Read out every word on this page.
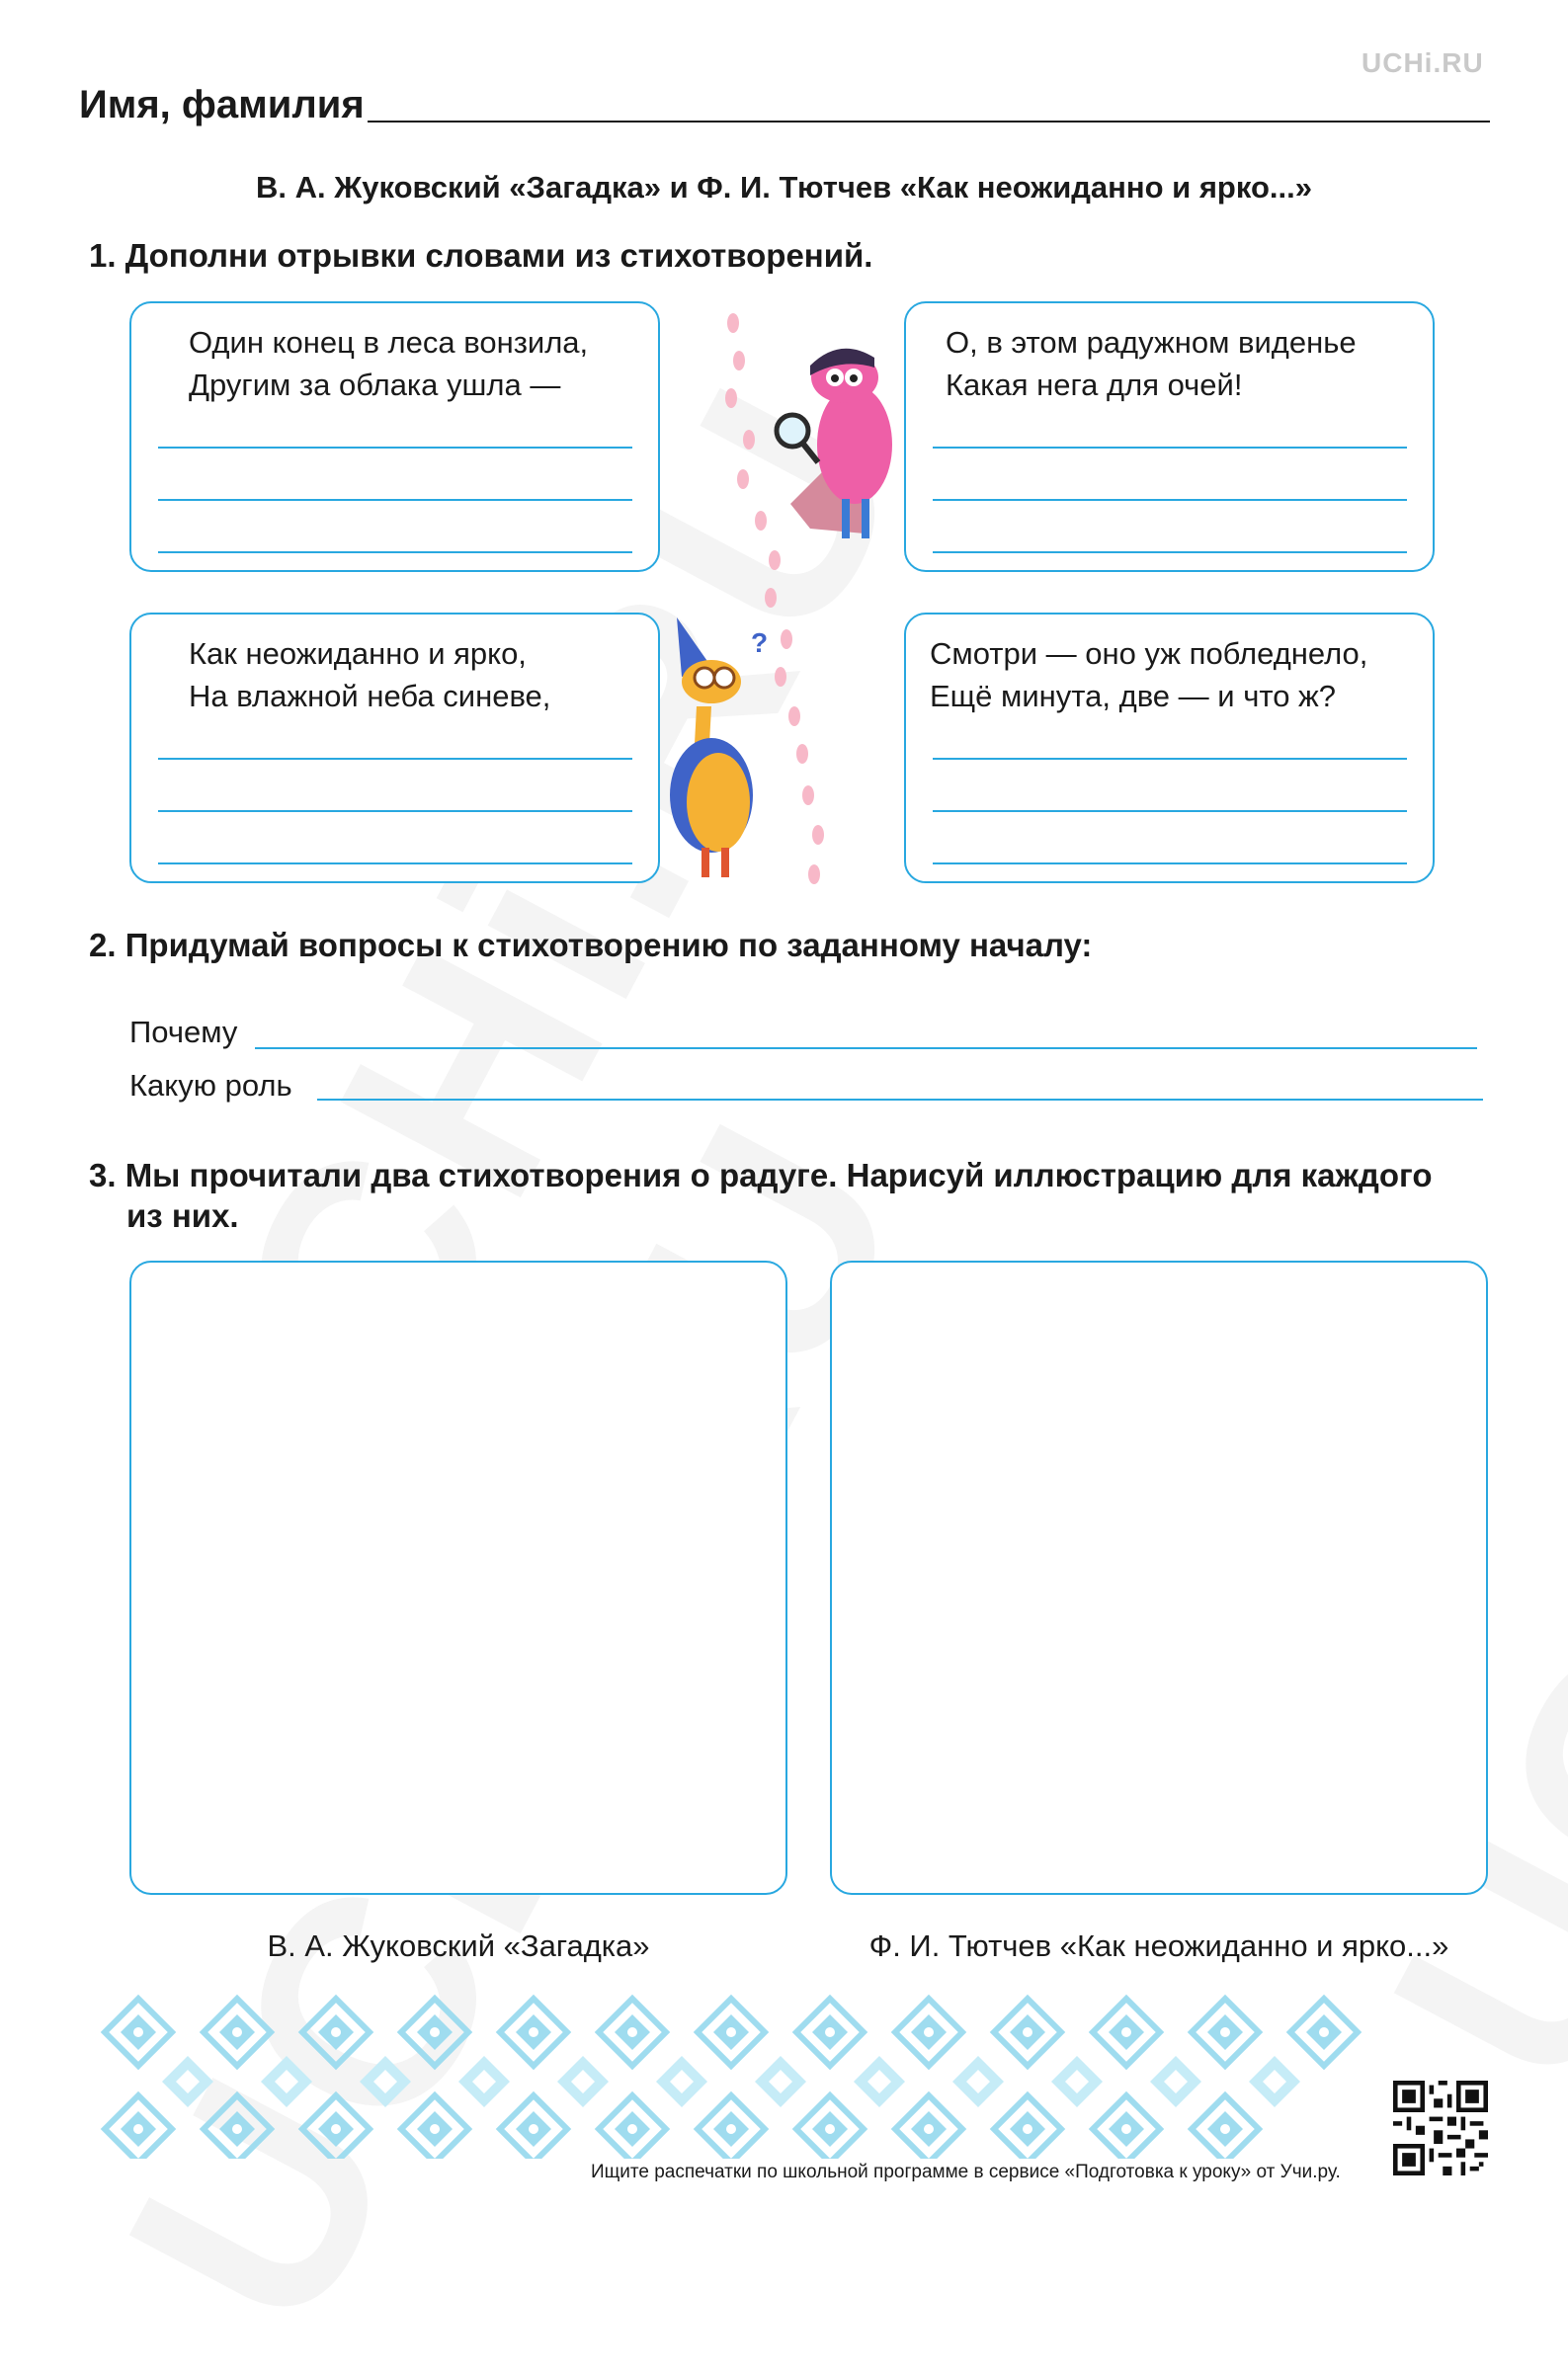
UCHi.RU
Имя, фамилия
В. А. Жуковский «Загадка» и Ф. И. Тютчев «Как неожиданно и ярко...»
1. Дополни отрывки словами из стихотворений.
Один конец в леса вонзила,
Другим за облака ушла —
О, в этом радужном виденье
Какая нега для очей!
Как неожиданно и ярко,
На влажной неба синеве,
Смотри — оно уж побледнело,
Ещё минута, две — и что ж?
?
2. Придумай вопросы к стихотворению по заданному началу:
Почему
Какую роль
3. Мы прочитали два стихотворения о радуге. Нарисуй иллюстрацию для каждого
из них.
В. А. Жуковский «Загадка»	Ф. И. Тютчев «Как неожиданно и ярко...»
Ищите распечатки по школьной программе в сервисе «Подготовка к уроку» от Учи.ру.
